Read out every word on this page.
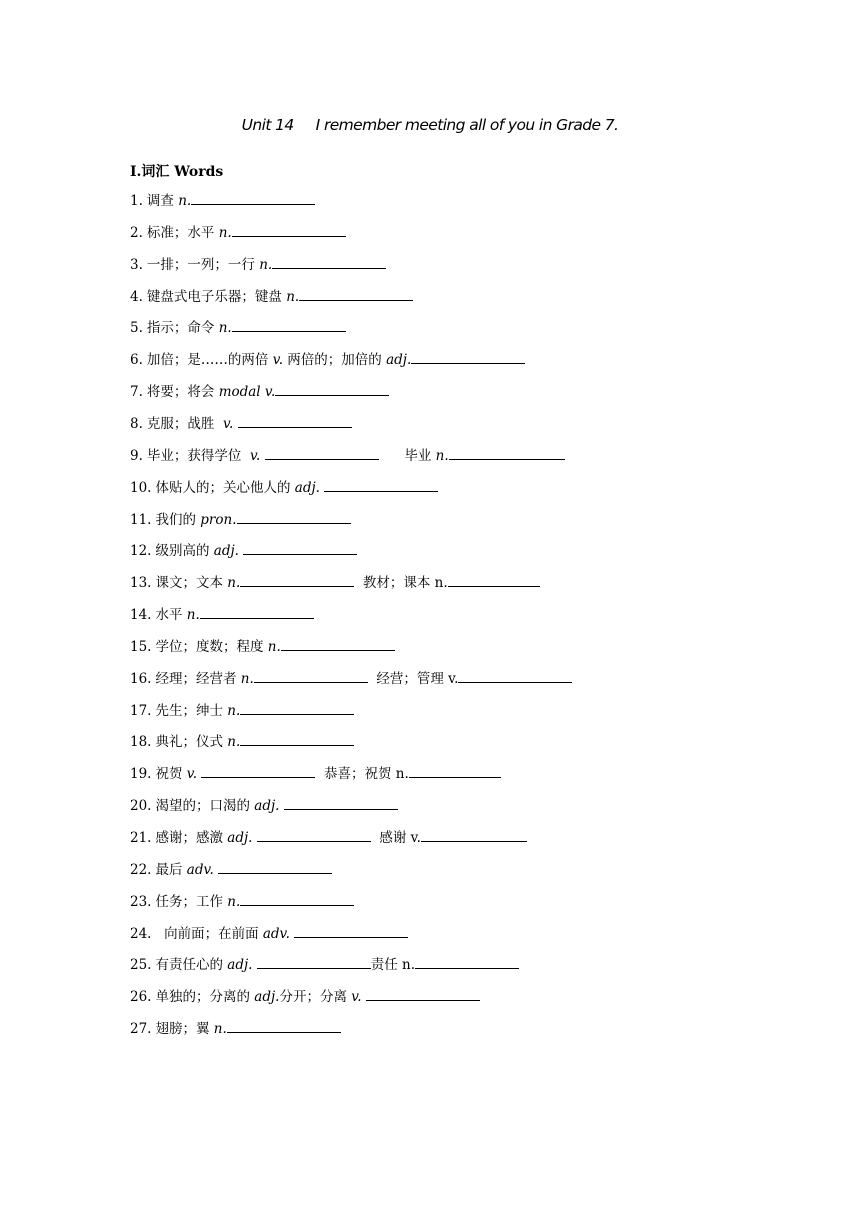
Unit 14 I remember meeting all of you in Grade 7.
I.词汇 Words
1.调查 n.
2.标准；水平 n.
3.一排；一列；一行 n.
4.键盘式电子乐器；键盘 n.
5.指示；命令 n.
6.加倍；是……的两倍 v. 两倍的；加倍的 adj.
7.将要；将会 modal v.
8.克服；战胜  v.
9.毕业；获得学位  v.	毕业 n.
10.体贴人的；关心他人的 adj.
11.我们的 pron.
12.级别高的 adj.
13.课文；文本 n.	教材；课本 n.
14.水平 n.
15.学位；度数；程度 n.
16.经理；经营者 n.	经营；管理 v.
17.先生；绅士 n.
18.典礼；仪式 n.
19.祝贺 v.	恭喜；祝贺 n.
20.渴望的；口渴的 adj.
21.感谢；感激 adj.	感谢 v.
22.最后 adv.
23.任务；工作 n.
24.  向前面；在前面 adv.
25.有责任心的 adj.	责任 n.
26.单独的；分离的 adj.分开；分离 v.
27.翅膀；翼 n.
